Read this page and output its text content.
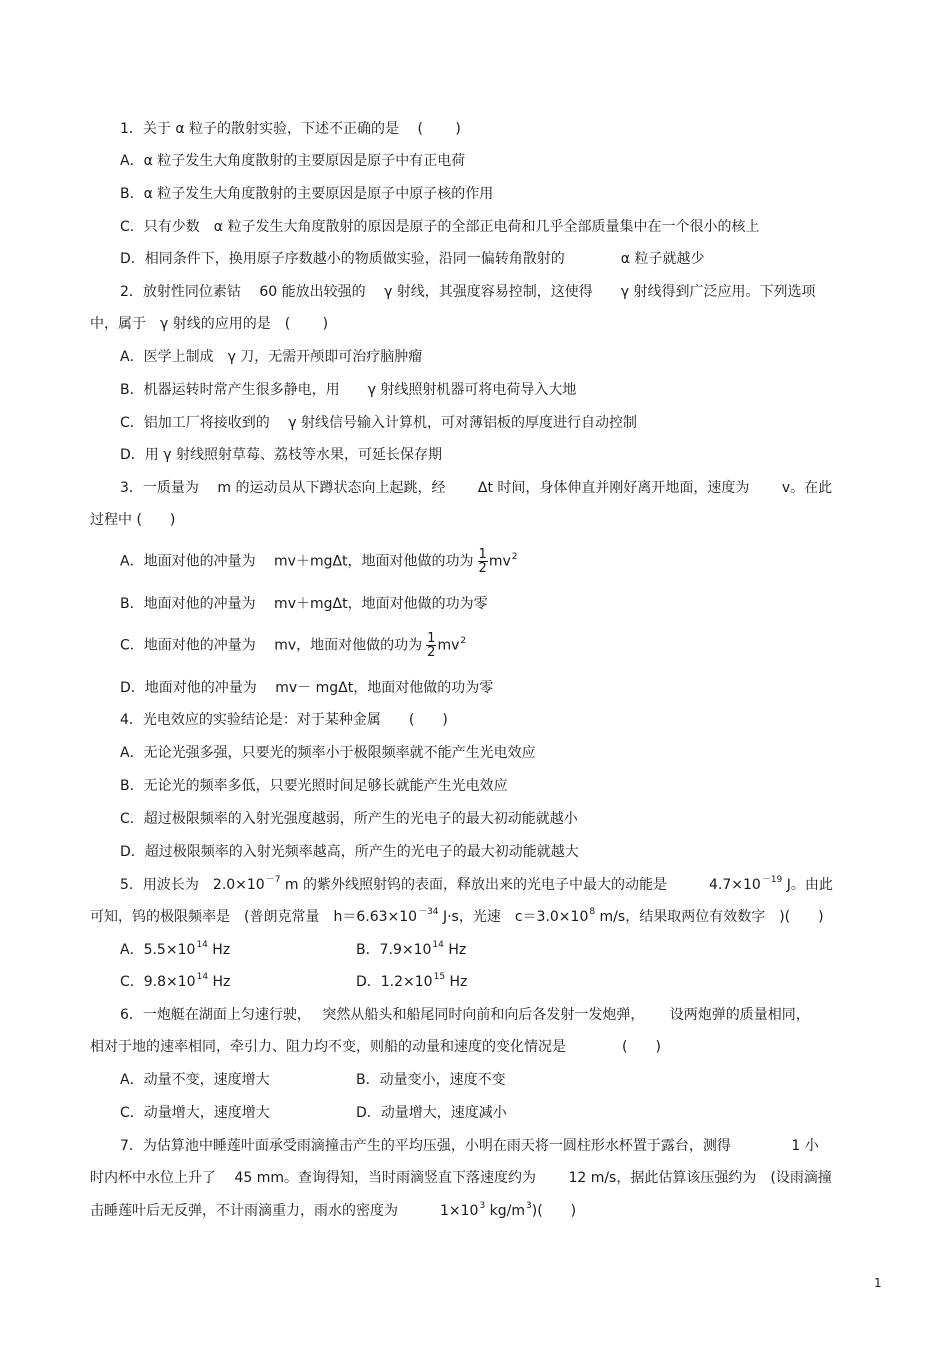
1．关于 α 粒子的散射实验，下述不正确的是 　( 　　)
A．α 粒子发生大角度散射的主要原因是原子中有正电荷
B．α 粒子发生大角度散射的主要原因是原子中原子核的作用
C．只有少数　α 粒子发生大角度散射的原因是原子的全部正电荷和几乎全部质量集中在一个很小的核上
D．相同条件下，换用原子序数越小的物质做实验，沿同一偏转角散射的　　　　α 粒子就越少
2．放射性同位素钴　 60 能放出较强的　 γ 射线，其强度容易控制，这使得　　γ 射线得到广泛应用。下列选项
中，属于　γ 射线的应用的是　( 　　)
A．医学上制成　γ 刀，无需开颅即可治疗脑肿瘤
B．机器运转时常产生很多静电，用　　γ 射线照射机器可将电荷导入大地
C．铝加工厂将接收到的　 γ 射线信号输入计算机，可对薄铝板的厚度进行自动控制
D．用 γ 射线照射草莓、荔枝等水果，可延长保存期
3．一质量为　 m 的运动员从下蹲状态向上起跳，经　　 Δt 时间，身体伸直并刚好离开地面，速度为　　 v。在此
过程中 (　　)
A．地面对他的冲量为　 mv＋mgΔt，地面对他做的功为 $\frac{1}{2} mv^2$
B．地面对他的冲量为　 mv＋mgΔt，地面对他做的功为零
C．地面对他的冲量为　 mv，地面对他做的功为 $\frac{1}{2} mv^2$
D．地面对他的冲量为　 mv－ mgΔt，地面对他做的功为零
4．光电效应的实验结论是：对于某种金属　　(　　)
A．无论光强多强，只要光的频率小于极限频率就不能产生光电效应
B．无论光的频率多低，只要光照时间足够长就能产生光电效应
C．超过极限频率的入射光强度越弱，所产生的光电子的最大初动能就越小
D．超过极限频率的入射光频率越高，所产生的光电子的最大初动能就越大
5．用波长为　$2.0\times 10^{-7}$ m 的紫外线照射钨的表面，释放出来的光电子中最大的动能是　　　$4.7\times 10^{-19}$ J。由此
可知，钨的极限频率是　(普朗克常量　$h=6.63\times 10^{-34}$ J·s，光速　$c=3.0\times 10^8$ m/s，结果取两位有效数字　)(　　)
A．$5.5\times 10^{14}$ Hz	B．$7.9\times 10^{14}$ Hz
C．$9.8\times 10^{14}$ Hz	D．$1.2\times 10^{15}$ Hz
6．一炮艇在湖面上匀速行驶，　 突然从船头和船尾同时向前和向后各发射一发炮弹，　　 设两炮弹的质量相同，
相对于地的速率相同，牵引力、阻力均不变，则船的动量和速度的变化情况是　　　　(　　)
A．动量不变，速度增大	B．动量变小，速度不变
C．动量增大，速度增大	D．动量增大，速度减小
7．为估算池中睡莲叶面承受雨滴撞击产生的平均压强，小明在雨天将一圆柱形水杯置于露台，测得　　　　 1 小
时内杯中水位上升了　 45 mm。查询得知，当时雨滴竖直下落速度约为　　 12 m/s，据此估算该压强约为　(设雨滴撞
击睡莲叶后无反弹，不计雨滴重力，雨水的密度为　　　$1\times 10^3$ $kg/m^3$)(　　)
1
